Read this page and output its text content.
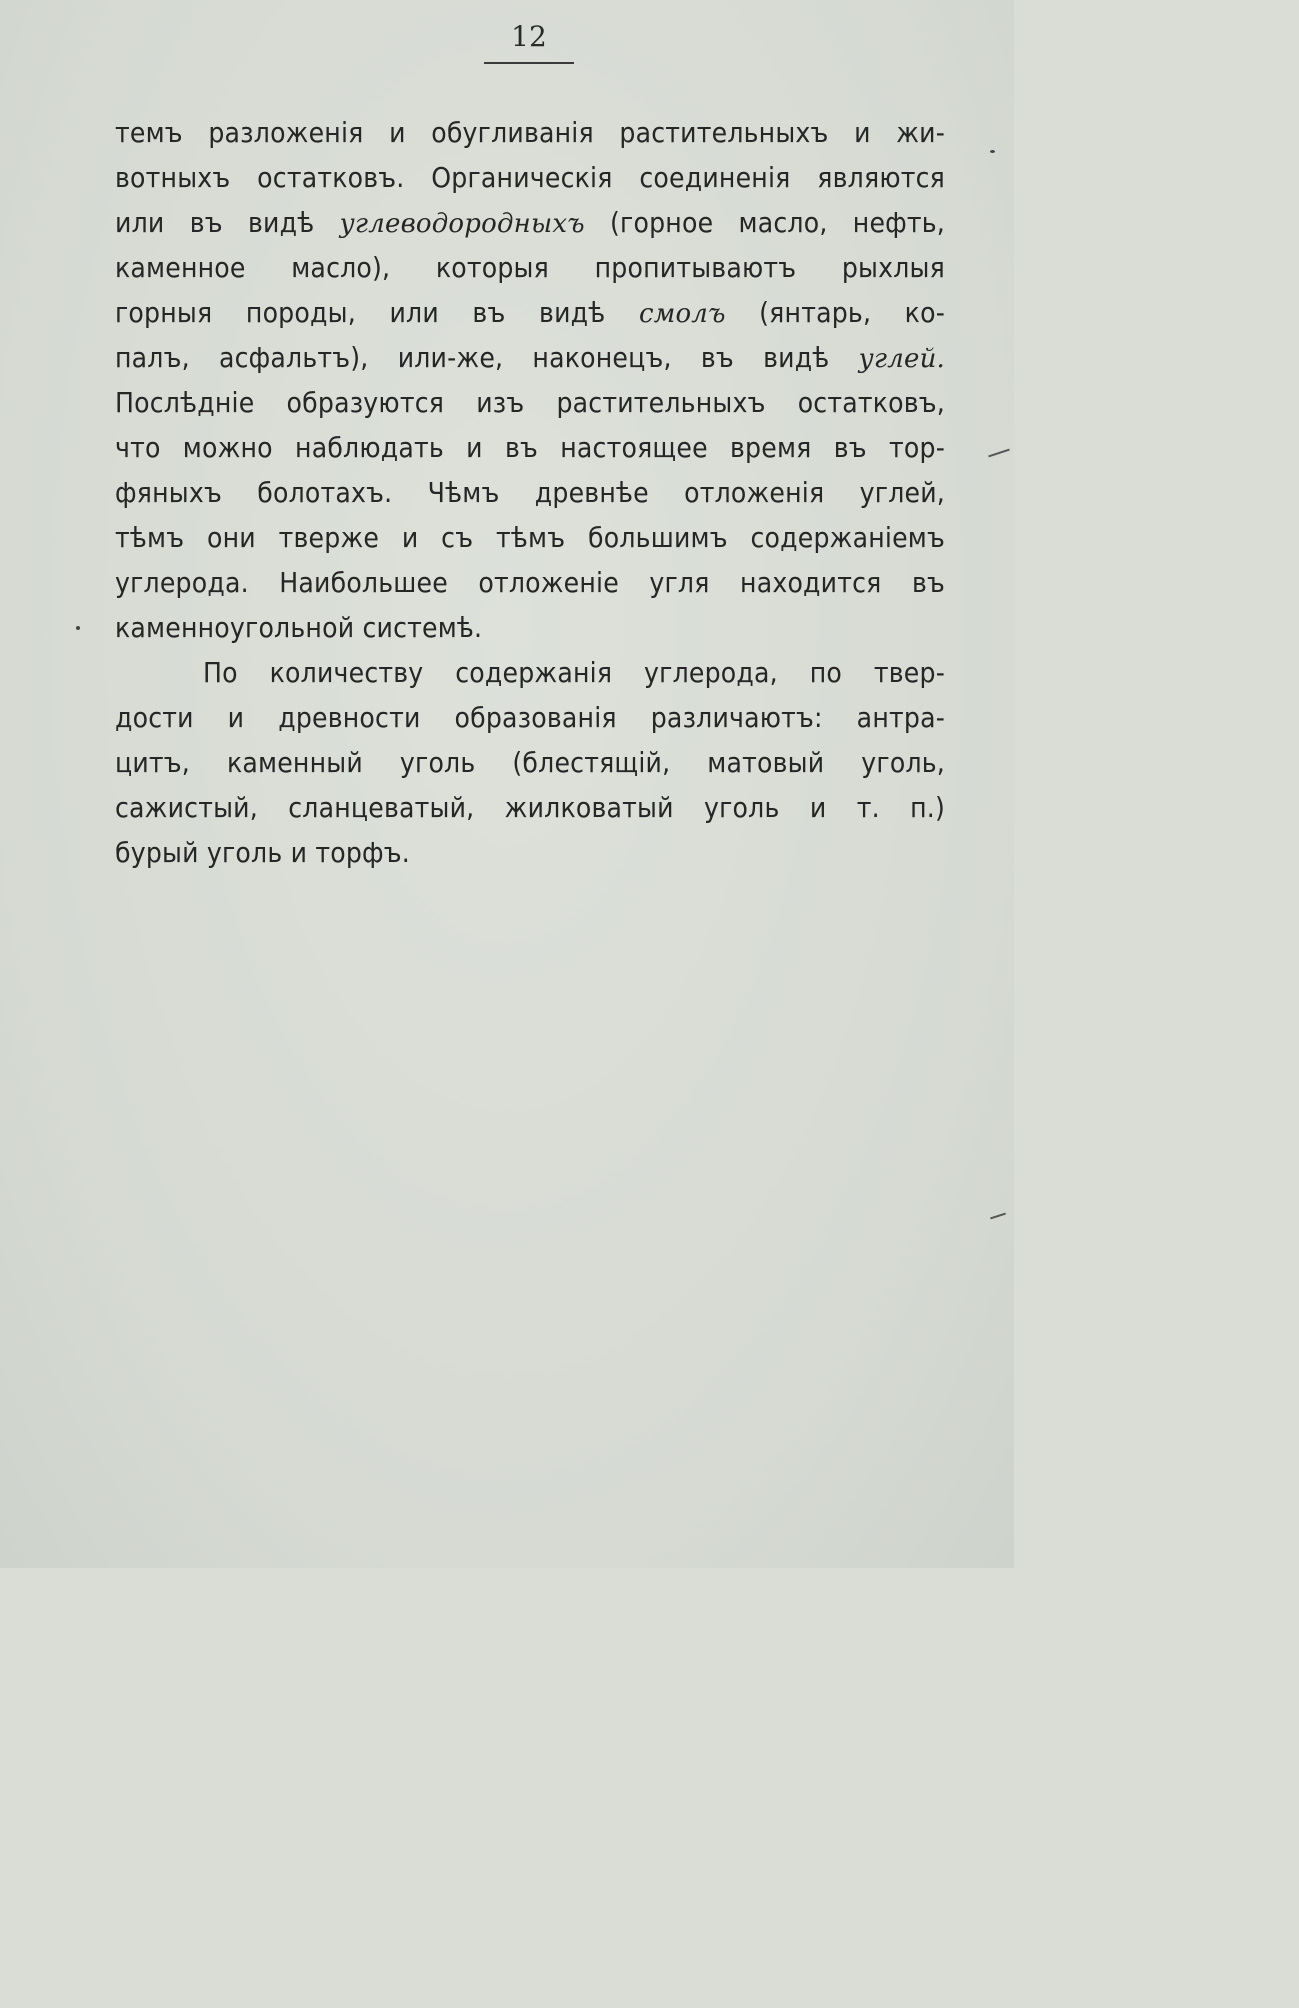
12
темъ разложенія и обугливанія растительныхъ и жи-
вотныхъ остатковъ. Органическія соединенія являются
или въ видѣ углеводородныхъ (горное масло, нефть,
каменное масло), которыя пропитываютъ рыхлыя
горныя породы, или въ видѣ смолъ (янтарь, ко-
палъ, асфальтъ), или-же, наконецъ, въ видѣ углей.
Послѣдніе образуются изъ растительныхъ остатковъ,
что можно наблюдать и въ настоящее время въ тор-
фяныхъ болотахъ. Чѣмъ древнѣе отложенія углей,
тѣмъ они тверже и съ тѣмъ большимъ содержаніемъ
углерода. Наибольшее отложеніе угля находится въ
каменноугольной системѣ.
По количеству содержанія углерода, по твер-
дости и древности образованія различаютъ: антра-
цитъ, каменный уголь (блестящій, матовый уголь,
сажистый, сланцеватый, жилковатый уголь и т. п.)
бурый уголь и торфъ.
